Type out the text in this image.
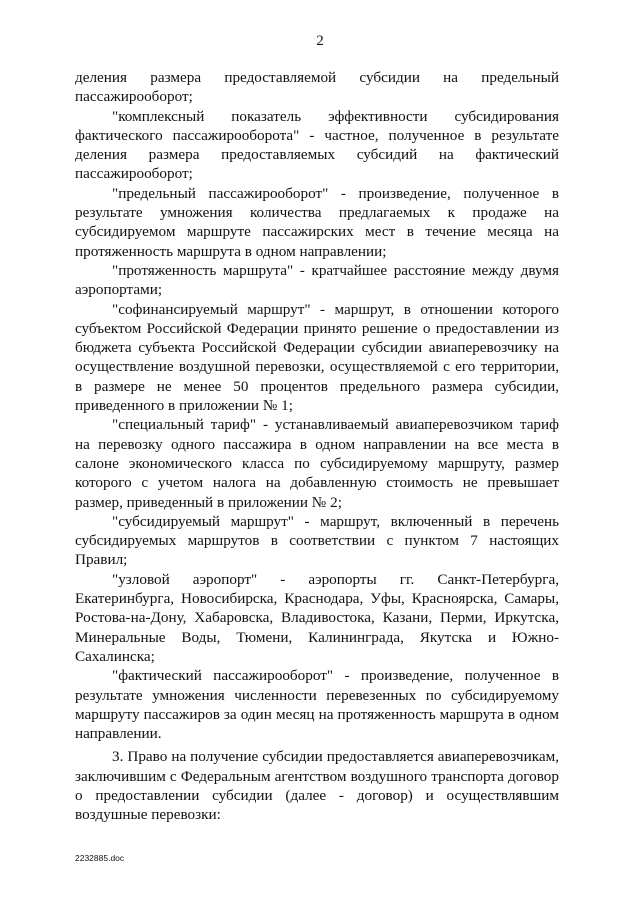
2

деления размера предоставляемой субсидии на предельный пассажирооборот;

"комплексный показатель эффективности субсидирования фактического пассажирооборота" - частное, полученное в результате деления размера предоставляемых субсидий на фактический пассажирооборот;

"предельный пассажирооборот" - произведение, полученное в результате умножения количества предлагаемых к продаже на субсидируемом маршруте пассажирских мест в течение месяца на протяженность маршрута в одном направлении;

"протяженность маршрута" - кратчайшее расстояние между двумя аэропортами;

"софинансируемый маршрут" - маршрут, в отношении которого субъектом Российской Федерации принято решение о предоставлении из бюджета субъекта Российской Федерации субсидии авиаперевозчику на осуществление воздушной перевозки, осуществляемой с его территории, в размере не менее 50 процентов предельного размера субсидии, приведенного в приложении № 1;

"специальный тариф" - устанавливаемый авиаперевозчиком тариф на перевозку одного пассажира в одном направлении на все места в салоне экономического класса по субсидируемому маршруту, размер которого с учетом налога на добавленную стоимость не превышает размер, приведенный в приложении № 2;

"субсидируемый маршрут" - маршрут, включенный в перечень субсидируемых маршрутов в соответствии с пунктом 7 настоящих Правил;

"узловой аэропорт" - аэропорты гг. Санкт-Петербурга, Екатеринбурга, Новосибирска, Краснодара, Уфы, Красноярска, Самары, Ростова-на-Дону, Хабаровска, Владивостока, Казани, Перми, Иркутска, Минеральные Воды, Тюмени, Калининграда, Якутска и Южно-Сахалинска;

"фактический пассажирооборот" - произведение, полученное в результате умножения численности перевезенных по субсидируемому маршруту пассажиров за один месяц на протяженность маршрута в одном направлении.

3. Право на получение субсидии предоставляется авиаперевозчикам, заключившим с Федеральным агентством воздушного транспорта договор о предоставлении субсидии (далее - договор) и осуществлявшим воздушные перевозки:

2232885.doc
